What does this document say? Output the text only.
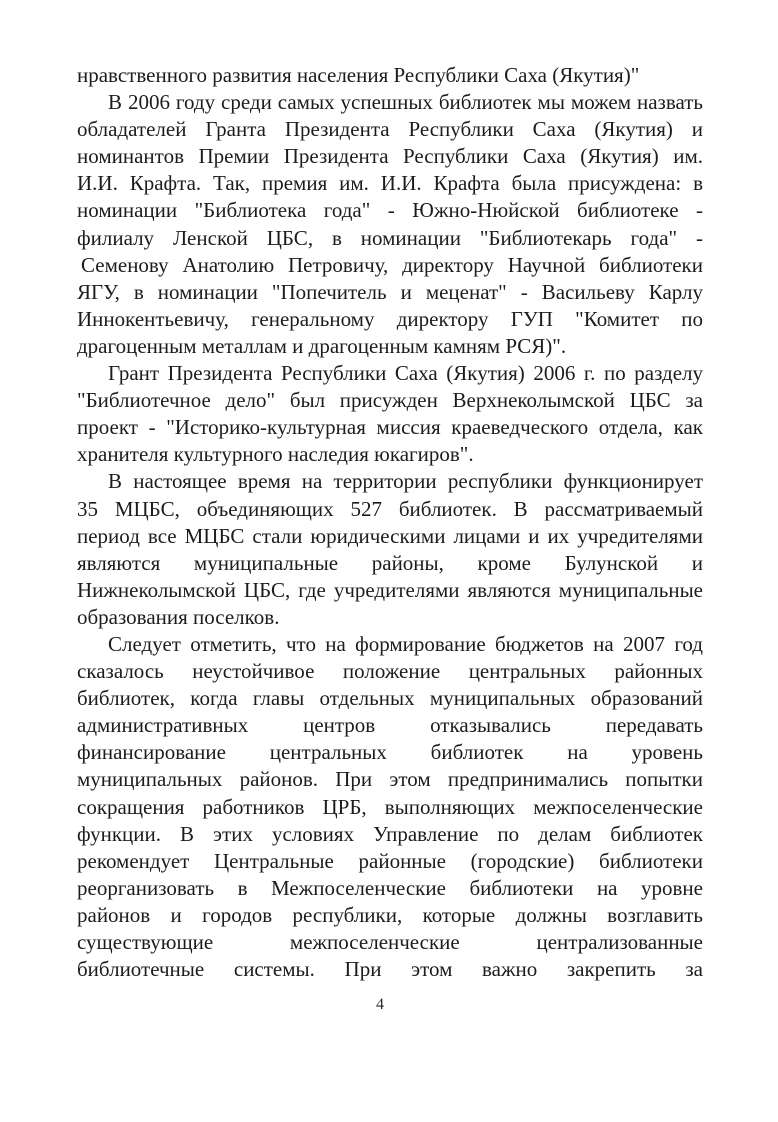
нравственного развития населения Республики Саха (Якутия)"
В 2006 году среди самых успешных библиотек мы можем назвать
обладателей Гранта Президента Республики Саха (Якутия) и
номинантов Премии Президента Республики Саха (Якутия) им.
И.И. Крафта. Так, премия им. И.И. Крафта была присуждена: в
номинации "Библиотека года" - Южно-Нюйской библиотеке -
филиалу Ленской ЦБС, в номинации "Библиотекарь года" -
Семенову Анатолию Петровичу, директору Научной библиотеки
ЯГУ, в номинации "Попечитель и меценат" - Васильеву Карлу
Иннокентьевичу, генеральному директору ГУП "Комитет по
драгоценным металлам и драгоценным камням РСЯ)".
Грант Президента Республики Саха (Якутия) 2006 г. по разделу
"Библиотечное дело" был присужден Верхнеколымской ЦБС за
проект - "Историко-культурная миссия краеведческого отдела, как
хранителя культурного наследия юкагиров".
В настоящее время на территории республики функционирует
35 МЦБС, объединяющих 527 библиотек. В рассматриваемый
период все МЦБС стали юридическими лицами и их учредителями
являются муниципальные районы, кроме Булунской и
Нижнеколымской ЦБС, где учредителями являются муниципальные
образования поселков.
Следует отметить, что на формирование бюджетов на 2007 год
сказалось неустойчивое положение центральных районных
библиотек, когда главы отдельных муниципальных образований
административных центров отказывались передавать
финансирование центральных библиотек на уровень
муниципальных районов. При этом предпринимались попытки
сокращения работников ЦРБ, выполняющих межпоселенческие
функции. В этих условиях Управление по делам библиотек
рекомендует Центральные районные (городские) библиотеки
реорганизовать в Межпоселенческие библиотеки на уровне
районов и городов республики, которые должны возглавить
существующие межпоселенческие централизованные
библиотечные системы. При этом важно закрепить за
4
